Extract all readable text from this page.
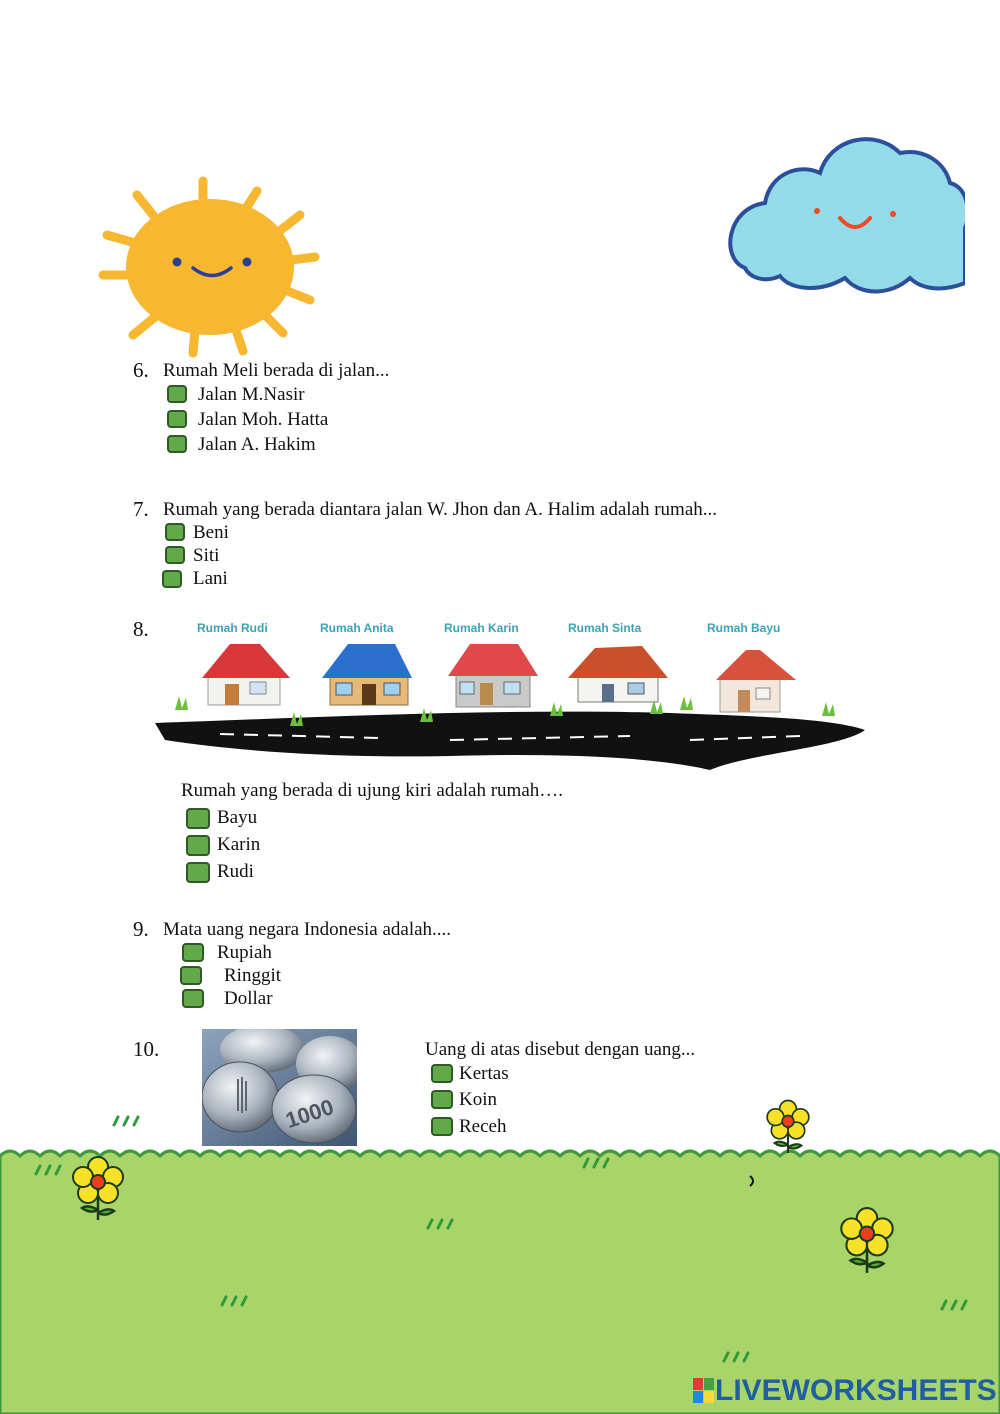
6. Rumah Meli berada di jalan...
Jalan M.Nasir
Jalan Moh. Hatta
Jalan A. Hakim
7. Rumah yang berada diantara jalan W. Jhon dan A. Halim adalah rumah...
Beni
Siti
Lani
8.	Rumah Rudi	Rumah Anita	Rumah Karin	Rumah Sinta	Rumah Bayu
Rumah yang berada di ujung kiri adalah rumah….
Bayu
Karin
Rudi
9. Mata uang negara Indonesia adalah....
Rupiah
Ringgit
Dollar
10.
1000
Uang di atas disebut dengan uang...
Kertas
Koin
Receh
LIVEWORKSHEETS
